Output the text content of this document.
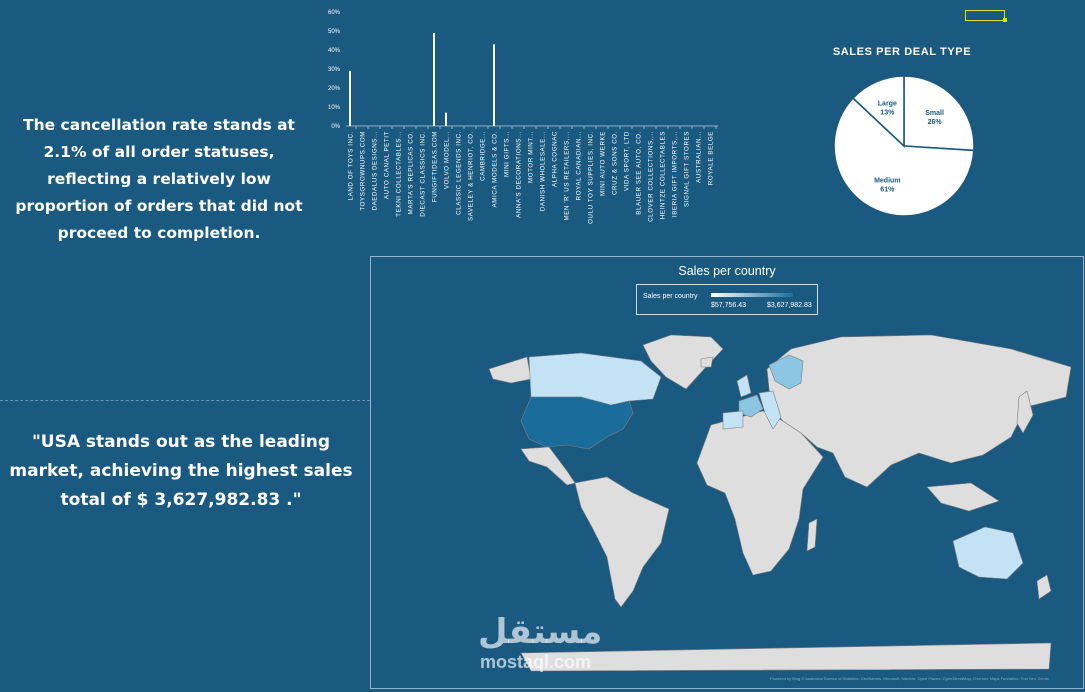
The cancellation rate stands at 2.1% of all order statuses, reflecting a relatively low proportion of orders that did not proceed to completion.
"USA stands out as the leading market, achieving the highest sales total of $ 3,627,982.83 ."
0%
10%
20%
30%
40%
50%
60%
LAND OF TOYS INC. TOYSGROWNUPS.COM DAEDALUS DESIGNS... AUTO CANAL PETIT TEKNI COLLECTABLES... MARTA'S REPLICAS CO. DIECAST CLASSICS INC. FUNGIFTIDEAS.COM VOLVO MODEL... CLASSIC LEGENDS INC. SAVELEY & HENRIOT, CO. CAMBRIDGE... AMICA MODELS & CO. MINI GIFTS... ANNA'S DECORATIONS... MOTOR MINT... DANISH WHOLESALE... ALPHA COGNAC MEN 'R' US RETAILERS,... ROYAL CANADIAN... OULU TOY SUPPLIES, INC. MINI AUTO WERKE CRUZ & SONS CO. VIDA SPORT, LTD BLAUER SEE AUTO, CO. CLOVER COLLECTIONS,... HEINTZE COLLECTABLES IBERIA GIFT IMPORTS,... SIGNAL GIFT STORES AUSTRALIAN... ROYALE BELGE
SALES PER DEAL TYPE
Small
26%
Medium
61%
Large
13%
Sales per country
Sales per country
$57,756.43	$3,627,982.83
مستقل
mostaql.com
Powered by Bing © Australian Bureau of Statistics, GeoNames, Microsoft, Navinfo, Open Places, OpenStreetMap, Overture Maps Fundation, TomTom, Zenrin
